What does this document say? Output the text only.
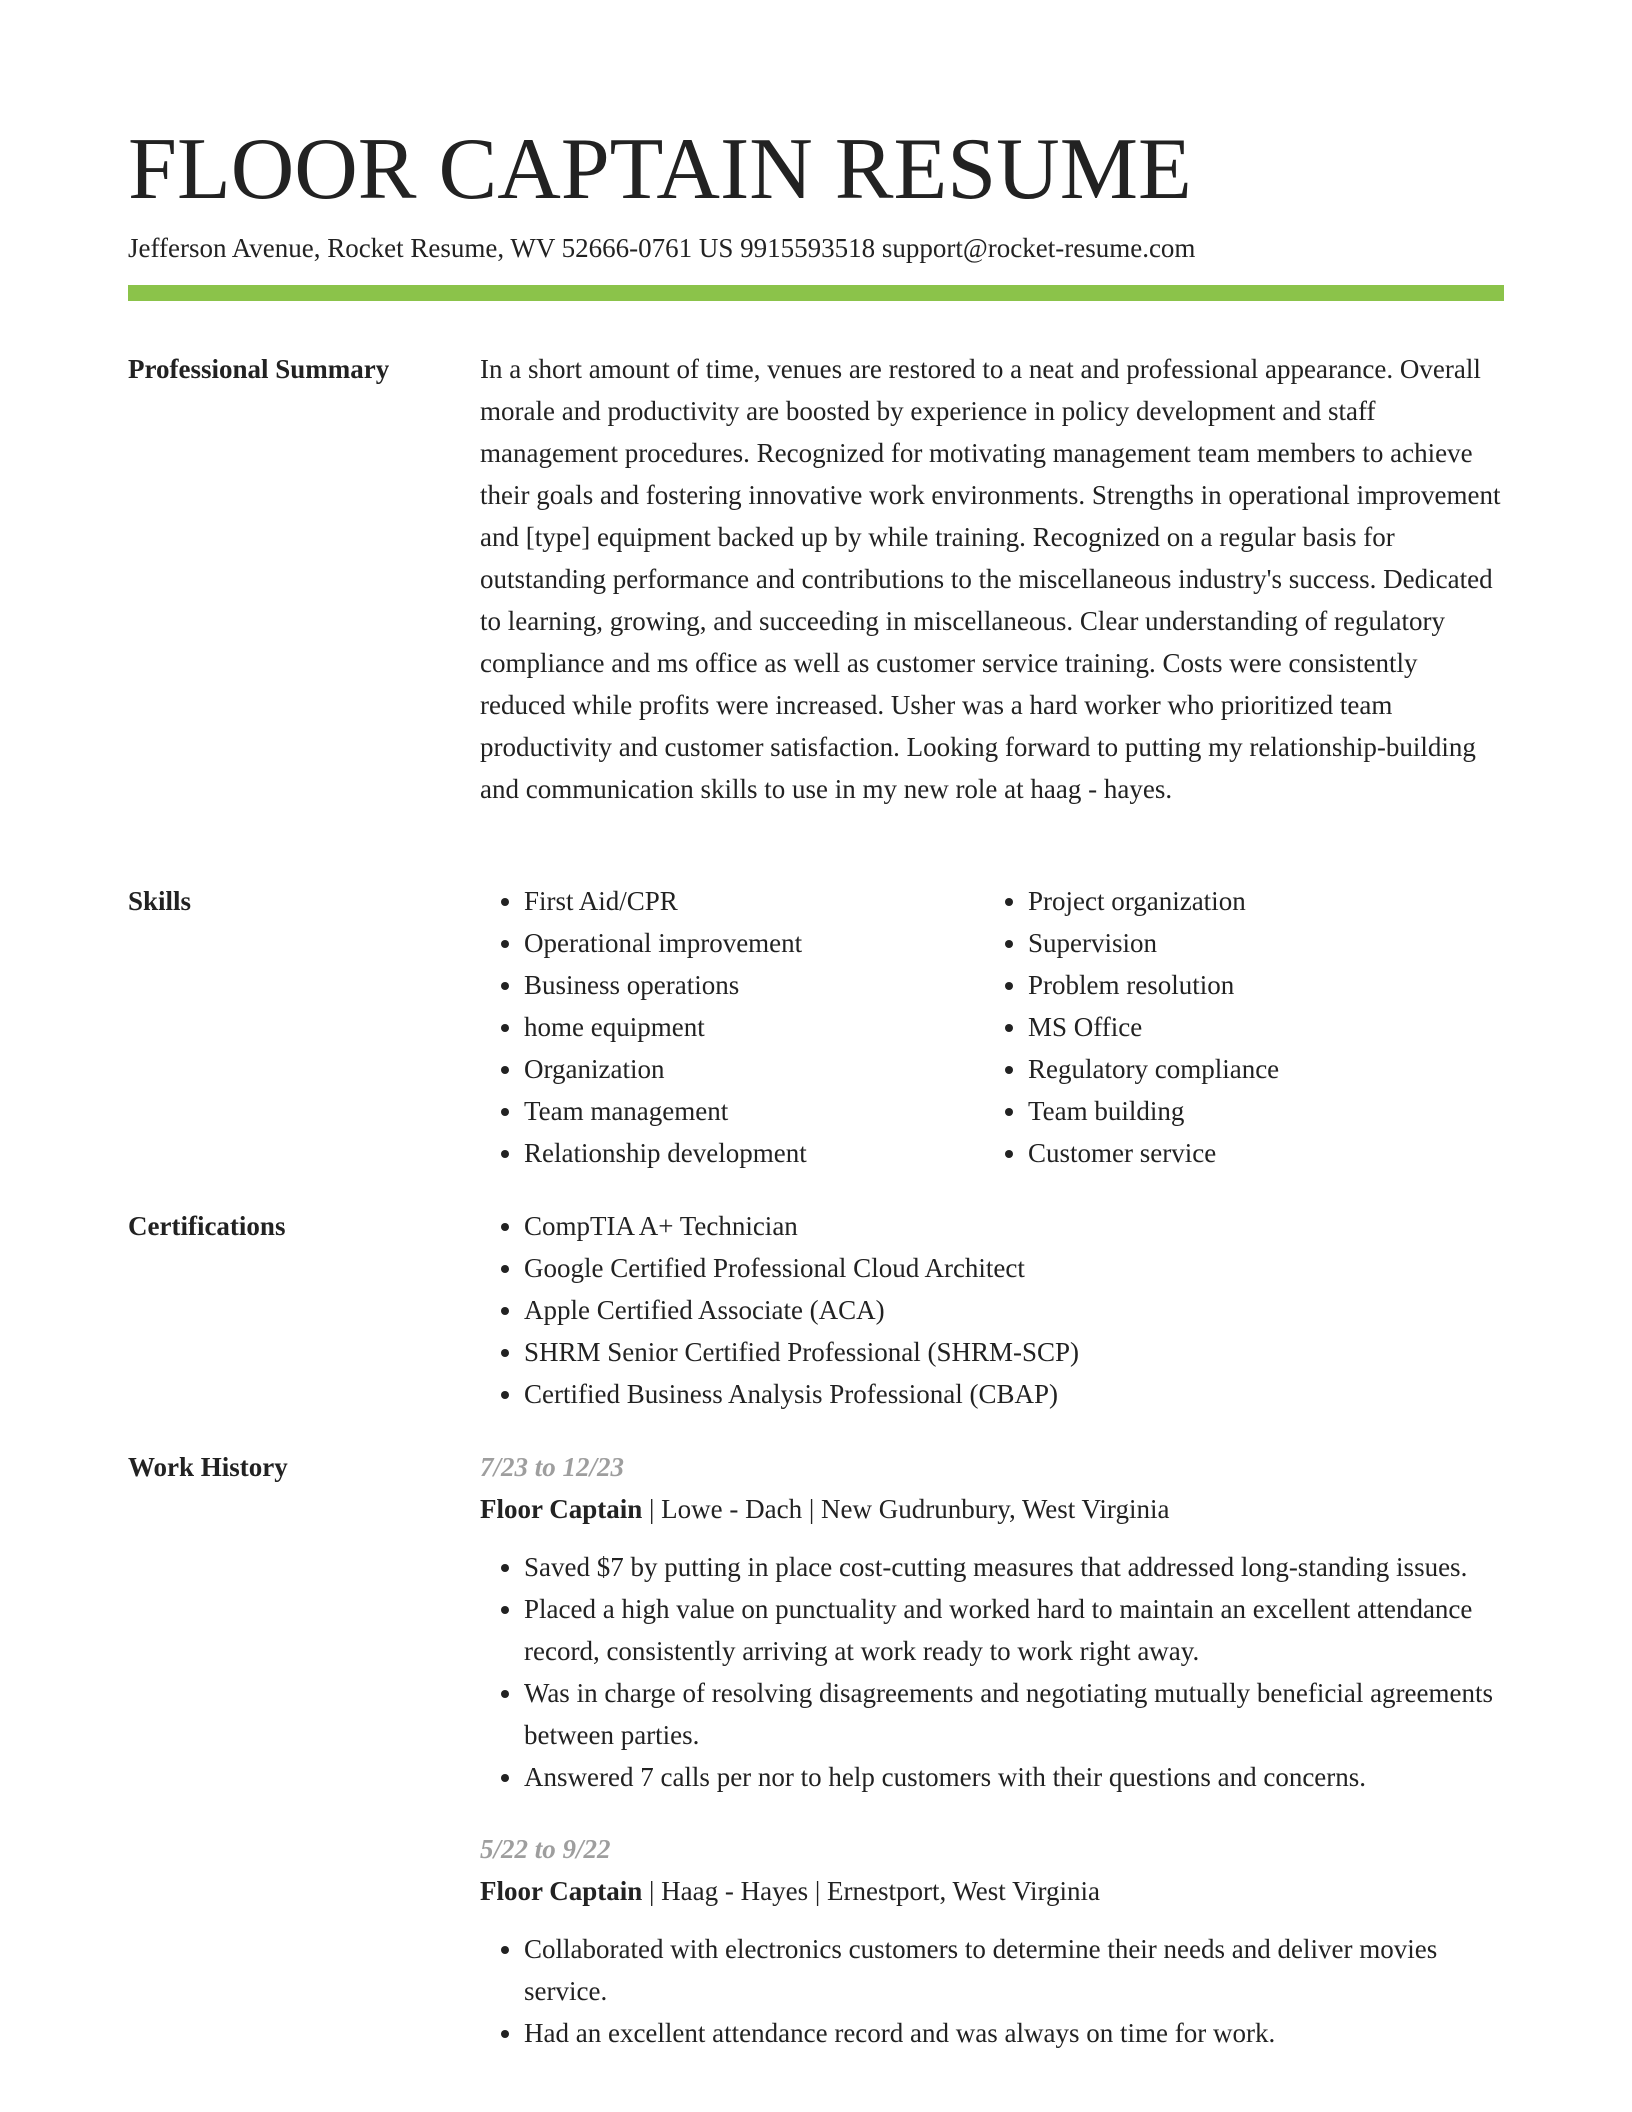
FLOOR CAPTAIN RESUME
Jefferson Avenue, Rocket Resume, WV 52666-0761 US 9915593518 support@rocket-resume.com
Professional Summary	In a short amount of time, venues are restored to a neat and professional appearance. Overall morale and productivity are boosted by experience in policy development and staff management procedures. Recognized for motivating management team members to achieve their goals and fostering innovative work environments. Strengths in operational improvement and [type] equipment backed up by while training. Recognized on a regular basis for outstanding performance and contributions to the miscellaneous industry's success. Dedicated to learning, growing, and succeeding in miscellaneous. Clear understanding of regulatory compliance and ms office as well as customer service training. Costs were consistently reduced while profits were increased. Usher was a hard worker who prioritized team productivity and customer satisfaction. Looking forward to putting my relationship-building and communication skills to use in my new role at haag - hayes.

Skills	• First Aid/CPR
• Operational improvement
• Business operations
• home equipment
• Organization
• Team management
• Relationship development
• Project organization
• Supervision
• Problem resolution
• MS Office
• Regulatory compliance
• Team building
• Customer service
Certifications	• CompTIA A+ Technician
• Google Certified Professional Cloud Architect
• Apple Certified Associate (ACA)
• SHRM Senior Certified Professional (SHRM-SCP)
• Certified Business Analysis Professional (CBAP)
Work History	7/23 to 12/23
Floor Captain | Lowe - Dach | New Gudrunbury, West Virginia
• Saved $7 by putting in place cost-cutting measures that addressed long-standing issues.
• Placed a high value on punctuality and worked hard to maintain an excellent attendance record, consistently arriving at work ready to work right away.
• Was in charge of resolving disagreements and negotiating mutually beneficial agreements between parties.
• Answered 7 calls per nor to help customers with their questions and concerns.
5/22 to 9/22
Floor Captain | Haag - Hayes | Ernestport, West Virginia
• Collaborated with electronics customers to determine their needs and deliver movies service.
• Had an excellent attendance record and was always on time for work.
